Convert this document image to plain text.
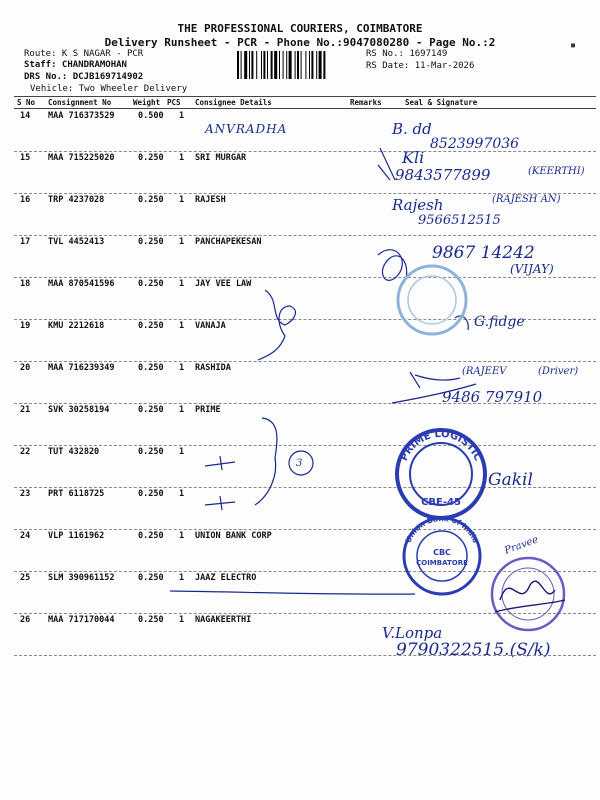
THE PROFESSIONAL COURIERS, COIMBATORE
Delivery Runsheet - PCR - Phone No.:9047080280 - Page No.:2	▪
Route: K S NAGAR - PCR
Staff: CHANDRAMOHAN
DRS No.: DCJB169714902
Vehicle: Two Wheeler Delivery
RS No.: 1697149
RS Date: 11-Mar-2026
S No Consignment No	Weight PCS Consignee Details	Remarks	Seal & Signature
14 MAA 716373529	0.500 1
15 MAA 715225020	0.250 1 SRI MURGAR
16 TRP 4237028	0.250 1 RAJESH
17 TVL 4452413	0.250 1 PANCHAPEKESAN
18 MAA 870541596	0.250 1 JAY VEE LAW
19 KMU 2212618	0.250 1 VANAJA
20 MAA 716239349	0.250 1 RASHIDA
21 SVK 30258194	0.250 1 PRIME
22 TUT 432820	0.250 1
23 PRT 6118725	0.250 1
24 VLP 1161962	0.250 1 UNION BANK CORP
25 SLM 390961152	0.250 1 JAAZ ELECTRO
26 MAA 717170044	0.250 1 NAGAKEERTHI
ANVRADHA	B. dd
8523997036
Kli
9843577899	(KEERTHI)
Rajesh	(RAJESH AN)
9566512515
9867 14242
(VIJAY)
G.fidge
(RAJEEV	(Driver)
9486 797910
3
Gakil
Pravee
V.Lonpa
9790322515.(S/k)
PRIME LOGISTIC
CBE-45
Union Bank of India
CBC
COIMBATORE
